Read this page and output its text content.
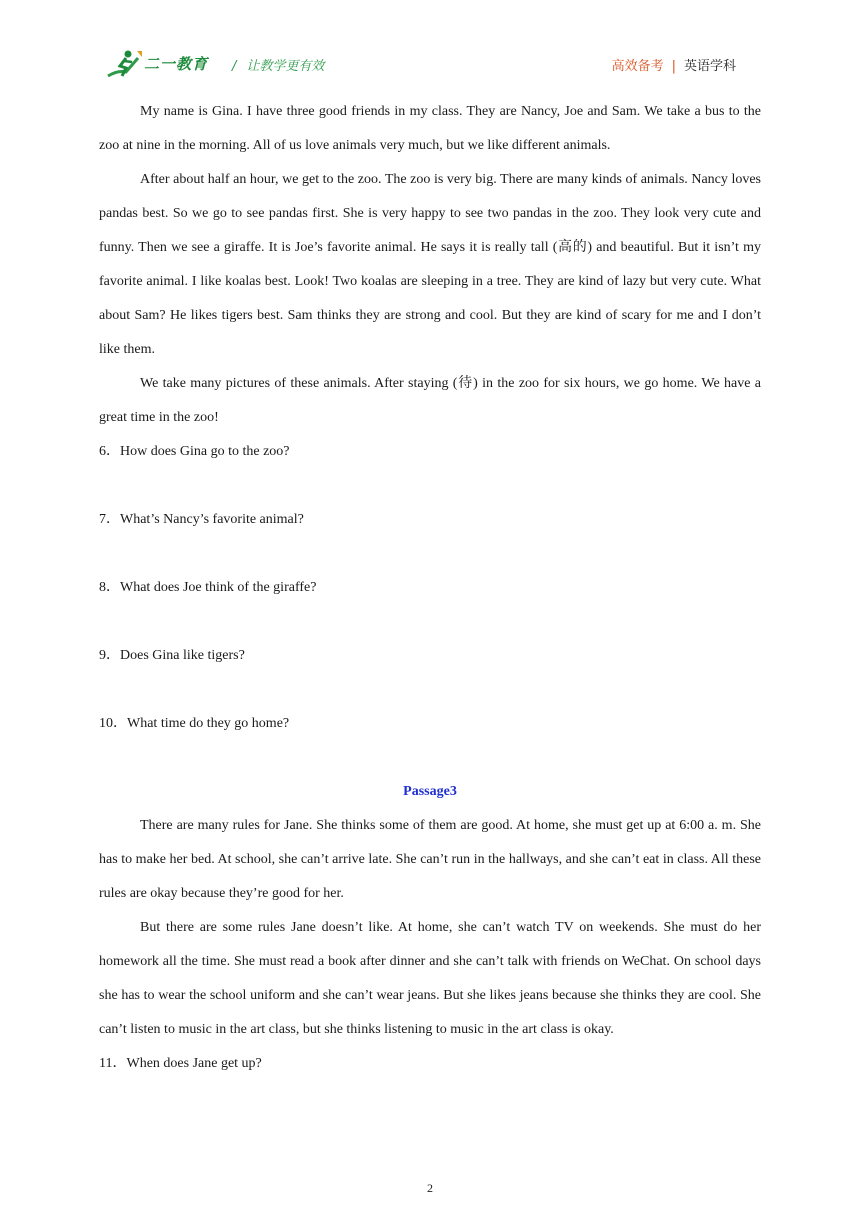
二一教育 / 让教学更有效	高效备考 | 英语学科

My name is Gina. I have three good friends in my class. They are Nancy, Joe and Sam. We take a bus to the zoo at nine in the morning. All of us love animals very much, but we like different animals.

After about half an hour, we get to the zoo. The zoo is very big. There are many kinds of animals. Nancy loves pandas best. So we go to see pandas first. She is very happy to see two pandas in the zoo. They look very cute and funny. Then we see a giraffe. It is Joe’s favorite animal. He says it is really tall (高的) and beautiful. But it isn’t my favorite animal. I like koalas best. Look! Two koalas are sleeping in a tree. They are kind of lazy but very cute. What about Sam? He likes tigers best. Sam thinks they are strong and cool. But they are kind of scary for me and I don’t like them.

We take many pictures of these animals. After staying (待) in the zoo for six hours, we go home. We have a great time in the zoo!

6．How does Gina go to the zoo?

7．What’s Nancy’s favorite animal?

8．What does Joe think of the giraffe?

9．Does Gina like tigers?

10．What time do they go home?

Passage3

There are many rules for Jane. She thinks some of them are good. At home, she must get up at 6:00 a. m. She has to make her bed. At school, she can’t arrive late. She can’t run in the hallways, and she can’t eat in class. All these rules are okay because they’re good for her.

But there are some rules Jane doesn’t like. At home, she can’t watch TV on weekends. She must do her homework all the time. She must read a book after dinner and she can’t talk with friends on WeChat. On school days she has to wear the school uniform and she can’t wear jeans. But she likes jeans because she thinks they are cool. She can’t listen to music in the art class, but she thinks listening to music in the art class is okay.

11．When does Jane get up?

2
